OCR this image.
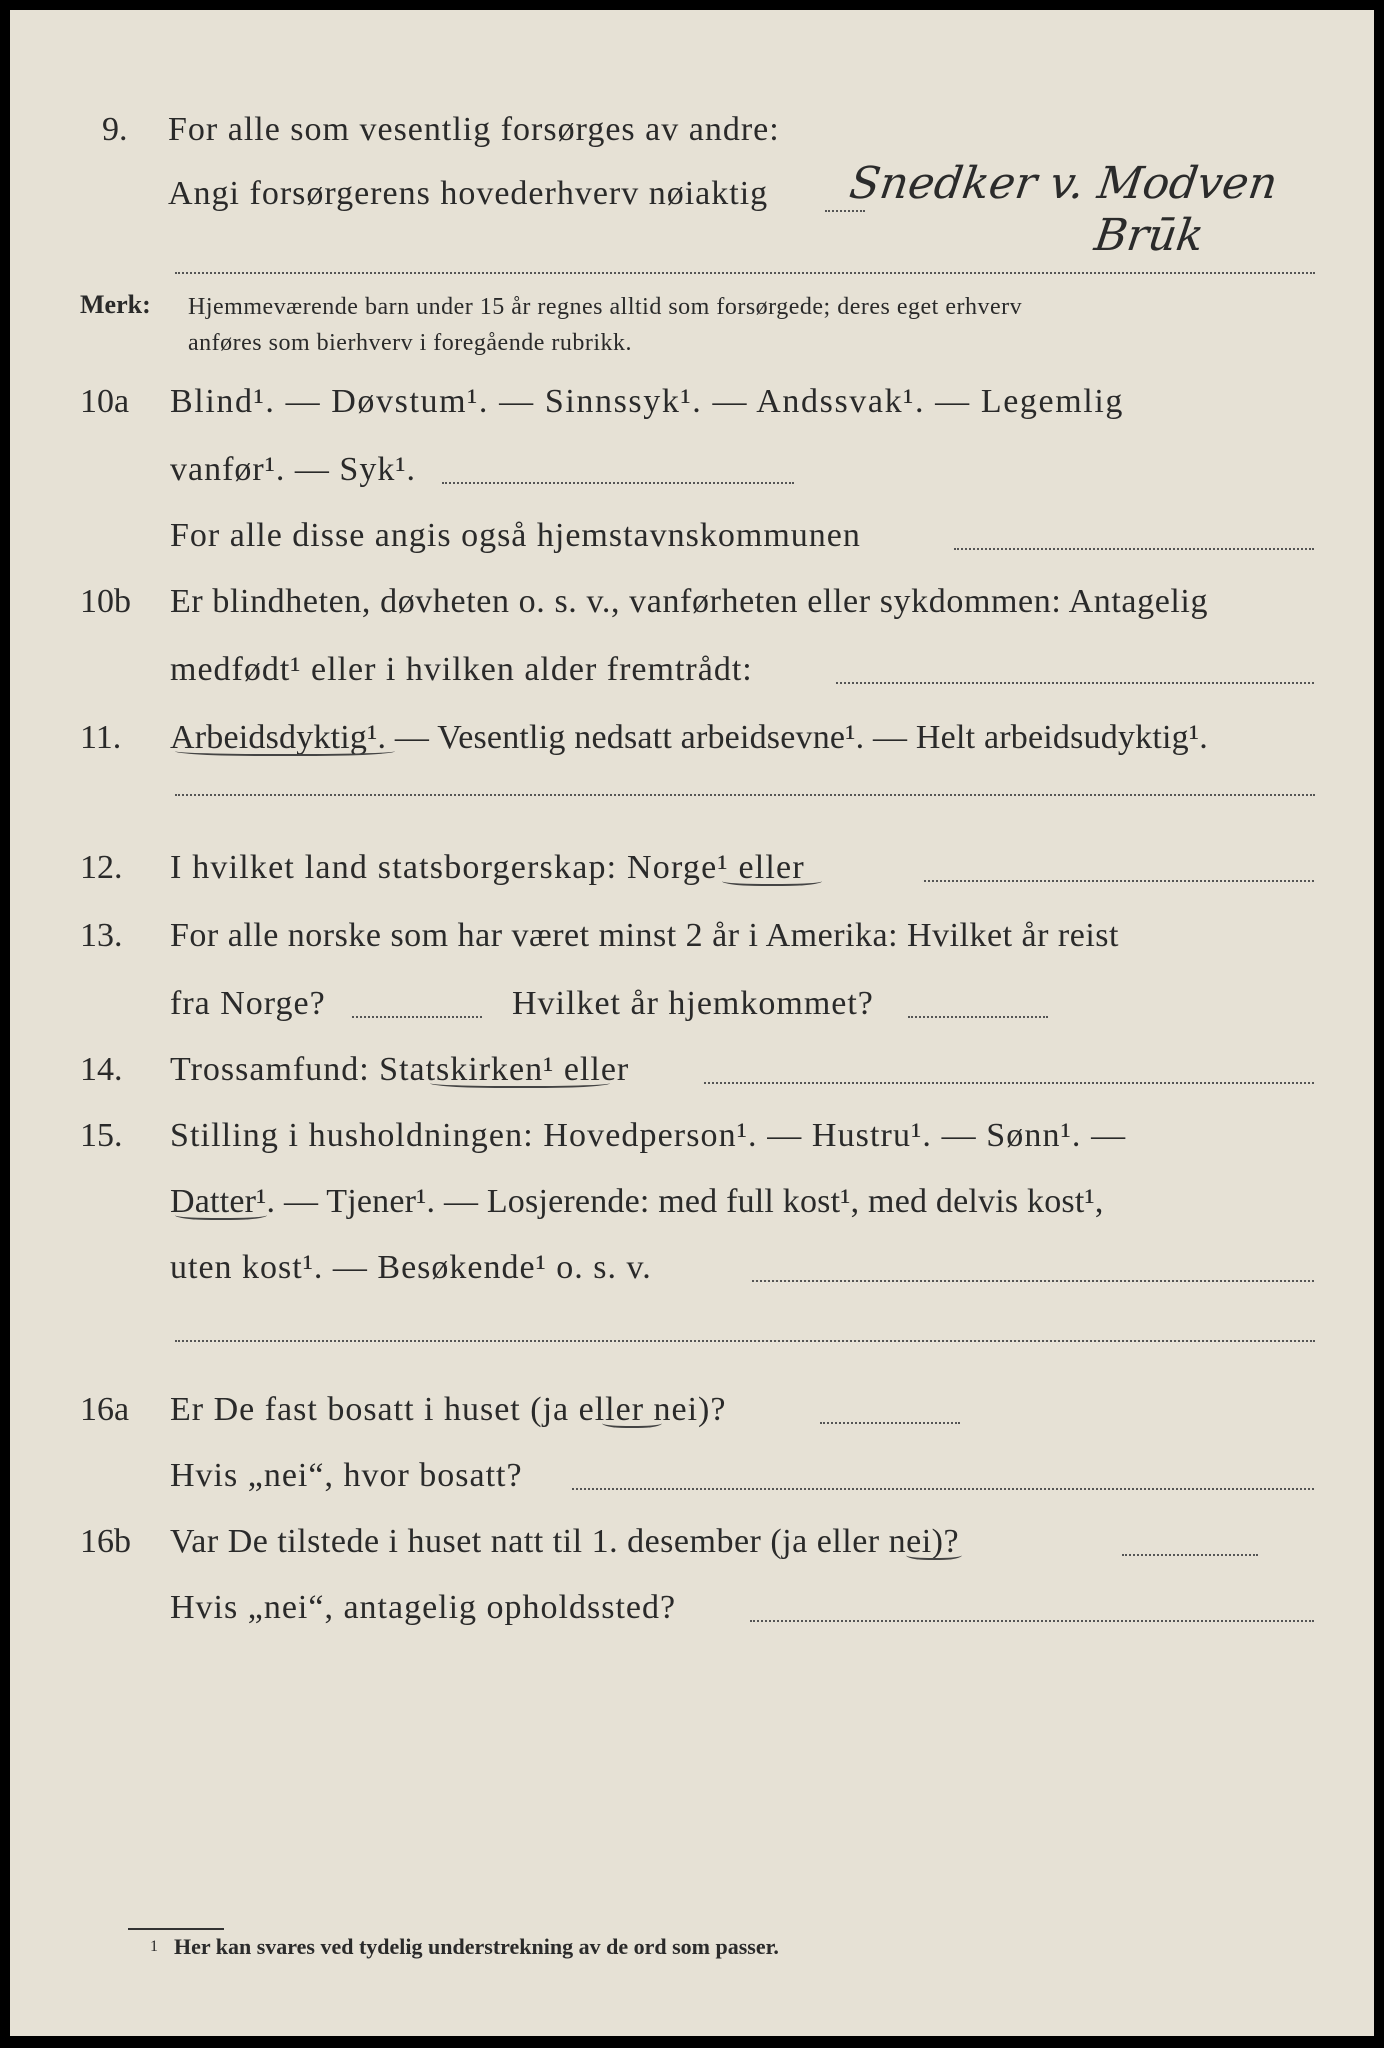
9. For alle som vesentlig forsørges av andre:
Angi forsørgerens hovederhverv nøiaktig Snedker v. Modven
Brūk
Merk: Hjemmeværende barn under 15 år regnes alltid som forsørgede; deres eget erhverv
anføres som bierhverv i foregående rubrikk.
10a Blind¹. — Døvstum¹. — Sinnssyk¹. — Andssvak¹. — Legemlig
vanfør¹. — Syk¹.
For alle disse angis også hjemstavnskommunen
10b Er blindheten, døvheten o. s. v., vanførheten eller sykdommen: Antagelig
medfødt¹ eller i hvilken alder fremtrådt:
11. Arbeidsdyktig¹. — Vesentlig nedsatt arbeidsevne¹. — Helt arbeidsudyktig¹.
12. I hvilket land statsborgerskap: Norge¹ eller
13. For alle norske som har været minst 2 år i Amerika: Hvilket år reist
fra Norge?	Hvilket år hjemkommet?
14. Trossamfund: Statskirken¹ eller
15. Stilling i husholdningen: Hovedperson¹. — Hustru¹. — Sønn¹. —
Datter¹. — Tjener¹. — Losjerende: med full kost¹, med delvis kost¹,
uten kost¹. — Besøkende¹ o. s. v.
16a Er De fast bosatt i huset (ja eller nei)?
Hvis „nei“, hvor bosatt?
16b Var De tilstede i huset natt til 1. desember (ja eller nei)?
Hvis „nei“, antagelig opholdssted?
1 Her kan svares ved tydelig understrekning av de ord som passer.
